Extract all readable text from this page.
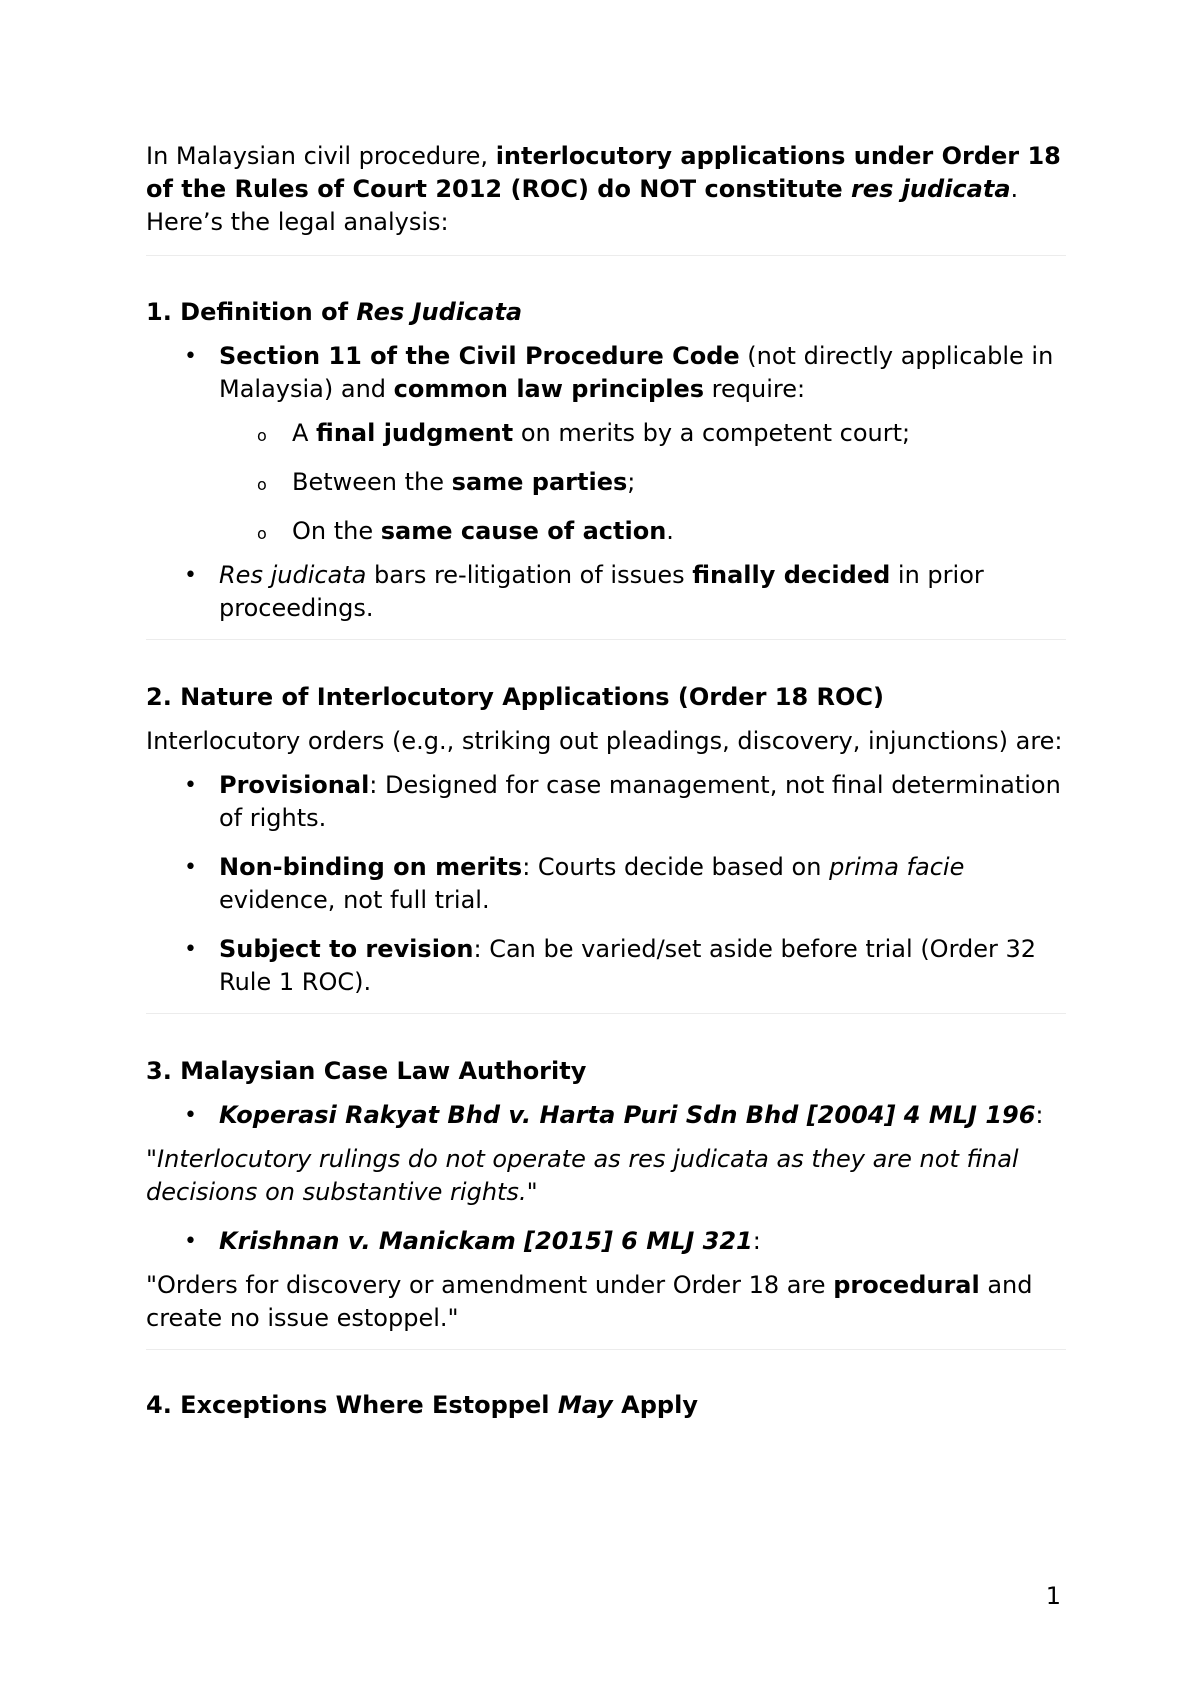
In Malaysian civil procedure, interlocutory applications under Order 18 of the Rules of Court 2012 (ROC) do NOT constitute res judicata. Here’s the legal analysis:

1. Definition of Res Judicata
• Section 11 of the Civil Procedure Code (not directly applicable in Malaysia) and common law principles require:
o A final judgment on merits by a competent court;
o Between the same parties;
o On the same cause of action.
• Res judicata bars re-litigation of issues finally decided in prior proceedings.
2. Nature of Interlocutory Applications (Order 18 ROC)

Interlocutory orders (e.g., striking out pleadings, discovery, injunctions) are:

• Provisional: Designed for case management, not final determination of rights.
• Non-binding on merits: Courts decide based on prima facie evidence, not full trial.
• Subject to revision: Can be varied/set aside before trial (Order 32 Rule 1 ROC).
3. Malaysian Case Law Authority
• Koperasi Rakyat Bhd v. Harta Puri Sdn Bhd [2004] 4 MLJ 196:

"Interlocutory rulings do not operate as res judicata as they are not final decisions on substantive rights."

• Krishnan v. Manickam [2015] 6 MLJ 321:

"Orders for discovery or amendment under Order 18 are procedural and create no issue estoppel."

4. Exceptions Where Estoppel May Apply
1
